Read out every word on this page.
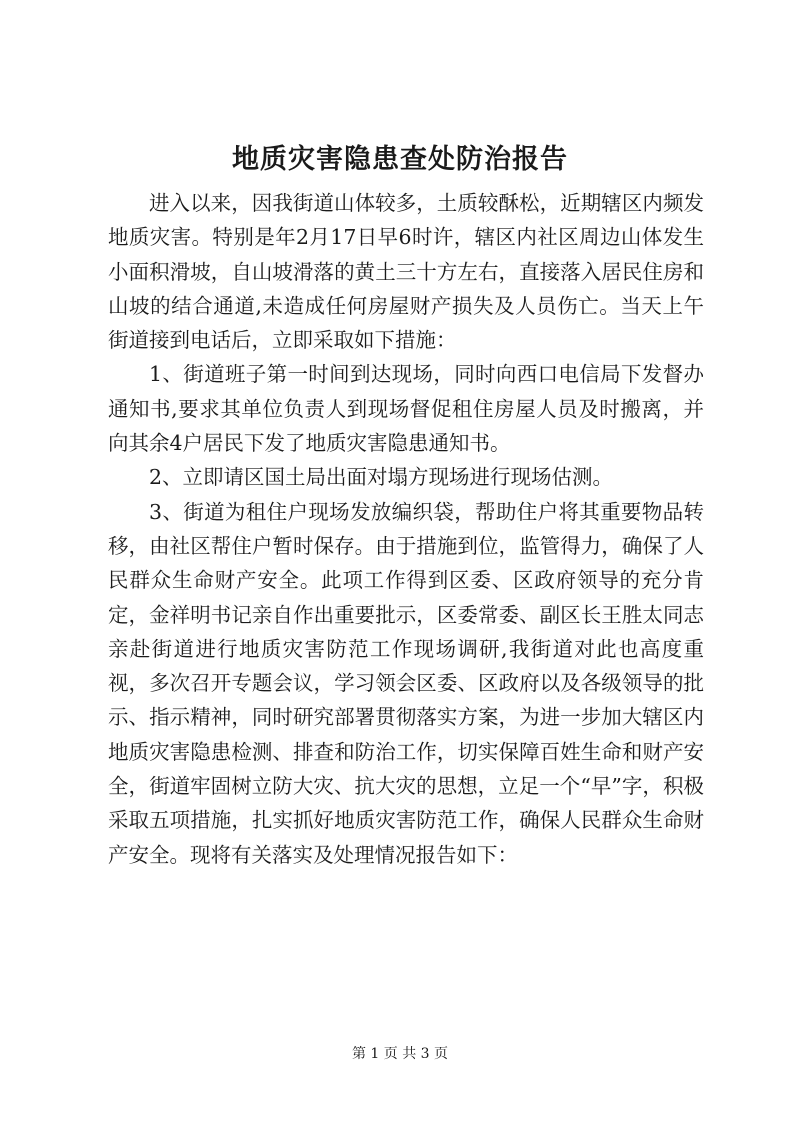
地质灾害隐患查处防治报告

进入以来，因我街道山体较多，土质较酥松，近期辖区内频发地质灾害。特别是年2月17日早6时许，辖区内社区周边山体发生小面积滑坡，自山坡滑落的黄土三十方左右，直接落入居民住房和山坡的结合通道,未造成任何房屋财产损失及人员伤亡。当天上午街道接到电话后，立即采取如下措施：

1、街道班子第一时间到达现场，同时向西口电信局下发督办通知书,要求其单位负责人到现场督促租住房屋人员及时搬离，并向其余4户居民下发了地质灾害隐患通知书。

2、立即请区国土局出面对塌方现场进行现场估测。

3、街道为租住户现场发放编织袋，帮助住户将其重要物品转移，由社区帮住户暂时保存。由于措施到位，监管得力，确保了人民群众生命财产安全。此项工作得到区委、区政府领导的充分肯定，金祥明书记亲自作出重要批示，区委常委、副区长王胜太同志亲赴街道进行地质灾害防范工作现场调研,我街道对此也高度重视，多次召开专题会议，学习领会区委、区政府以及各级领导的批示、指示精神，同时研究部署贯彻落实方案，为进一步加大辖区内地质灾害隐患检测、排查和防治工作，切实保障百姓生命和财产安全，街道牢固树立防大灾、抗大灾的思想，立足一个“早”字，积极采取五项措施，扎实抓好地质灾害防范工作，确保人民群众生命财产安全。现将有关落实及处理情况报告如下：

第 1 页 共 3 页
